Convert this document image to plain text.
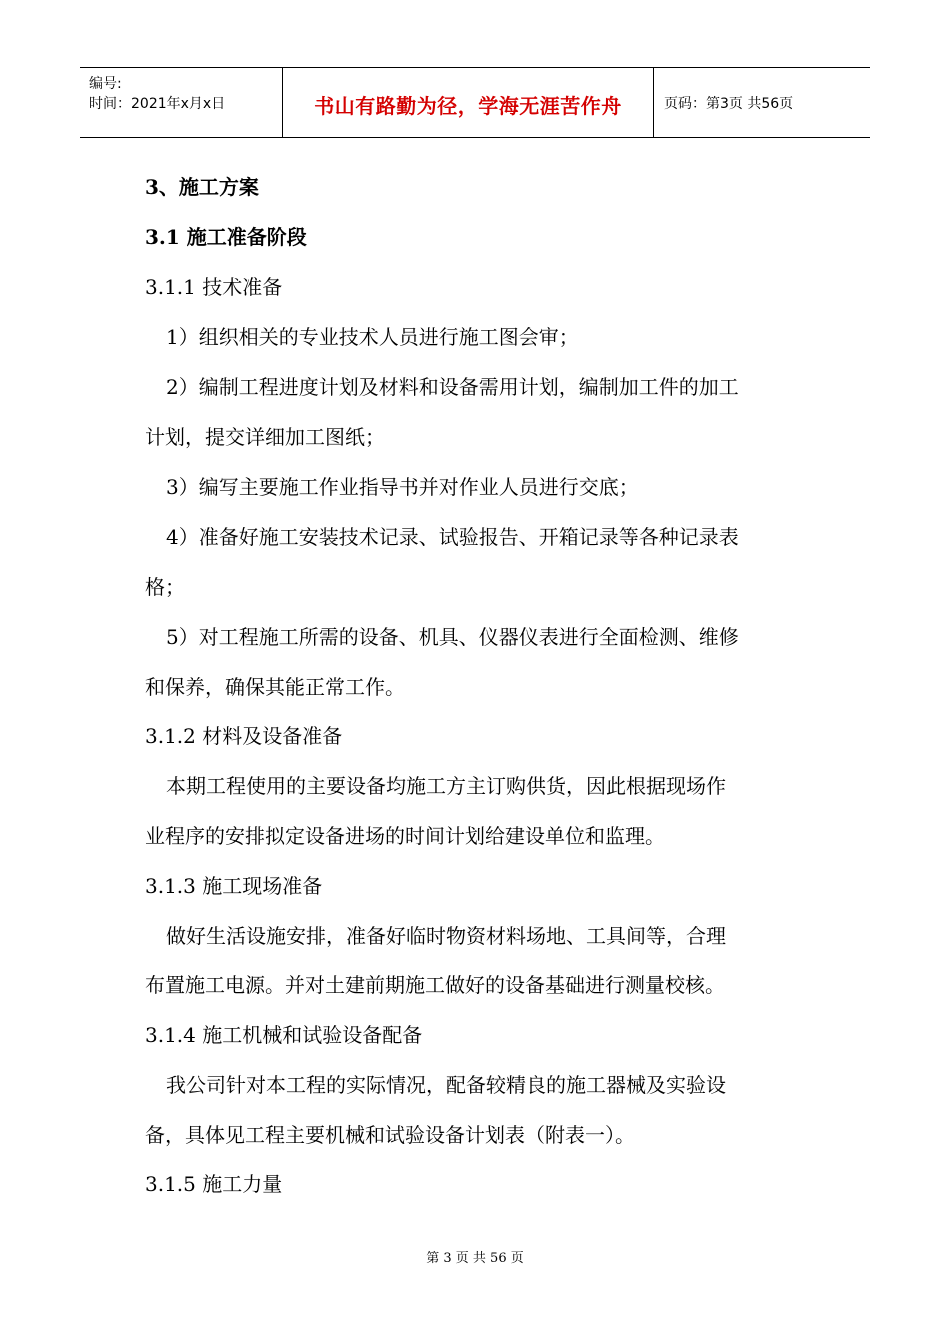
编号:
时间：2021年x月x日	书山有路勤为径，学海无涯苦作舟	页码：第3页 共56页
3、施工方案
3.1 施工准备阶段
3.1.1 技术准备
1）组织相关的专业技术人员进行施工图会审；
2）编制工程进度计划及材料和设备需用计划，编制加工件的加工
计划，提交详细加工图纸；
3）编写主要施工作业指导书并对作业人员进行交底；
4）准备好施工安装技术记录、试验报告、开箱记录等各种记录表
格；
5）对工程施工所需的设备、机具、仪器仪表进行全面检测、维修
和保养，确保其能正常工作。
3.1.2 材料及设备准备
本期工程使用的主要设备均施工方主订购供货，因此根据现场作
业程序的安排拟定设备进场的时间计划给建设单位和监理。
3.1.3 施工现场准备
做好生活设施安排，准备好临时物资材料场地、工具间等，合理
布置施工电源。并对土建前期施工做好的设备基础进行测量校核。
3.1.4 施工机械和试验设备配备
我公司针对本工程的实际情况，配备较精良的施工器械及实验设
备，具体见工程主要机械和试验设备计划表（附表一）。
3.1.5 施工力量
第 3 页 共 56 页
